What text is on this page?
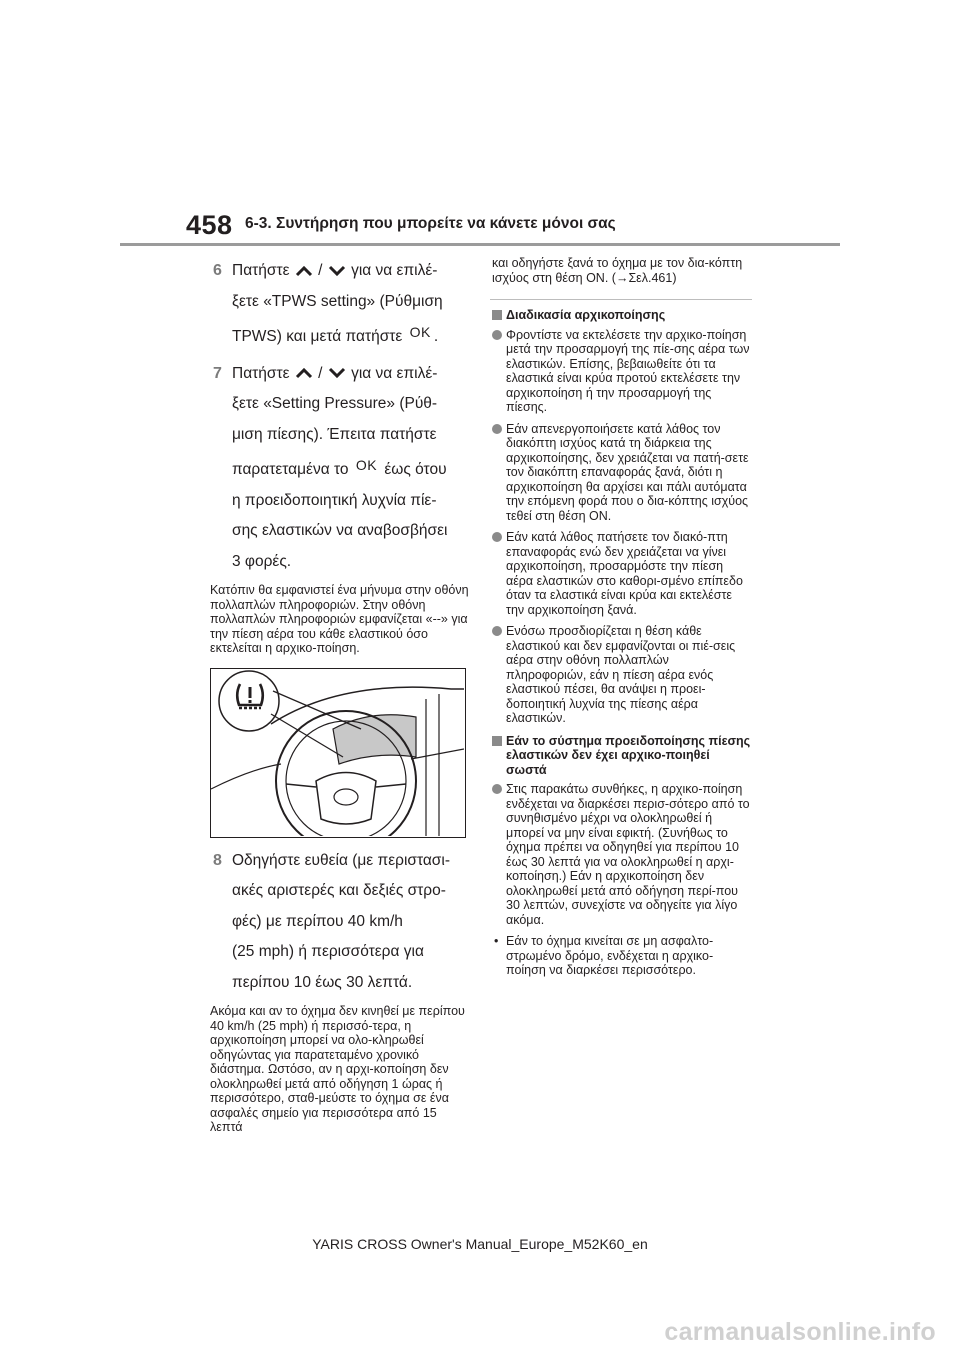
458 6-3. Συντήρηση που μπορείτε να κάνετε μόνοι σας
6 Πατήστε / για να επιλέ-
ξετε «TPWS setting» (Ρύθμιση
TPWS) και μετά πατήστε OK .
7 Πατήστε / για να επιλέ-
ξετε «Setting Pressure» (Ρύθ-
μιση πίεσης). Έπειτα πατήστε
παρατεταμένα το OK έως ότου
η προειδοποιητική λυχνία πίε-
σης ελαστικών να αναβοσβήσει
3 φορές.
Κατόπιν θα εμφανιστεί ένα μήνυμα στην οθόνη πολλαπλών πληροφοριών. Στην οθόνη πολλαπλών πληροφοριών εμφανίζεται «--» για την πίεση αέρα του κάθε ελαστικού όσο εκτελείται η αρχικο-ποίηση.
8 Οδηγήστε ευθεία (με περιστασι-
ακές αριστερές και δεξιές στρο-
φές) με περίπου 40 km/h
(25 mph) ή περισσότερα για
περίπου 10 έως 30 λεπτά.
Ακόμα και αν το όχημα δεν κινηθεί με περίπου 40 km/h (25 mph) ή περισσό-τερα, η αρχικοποίηση μπορεί να ολο-κληρωθεί οδηγώντας για παρατεταμένο χρονικό διάστημα. Ωστόσο, αν η αρχι-κοποίηση δεν ολοκληρωθεί μετά από οδήγηση 1 ώρας ή περισσότερο, σταθ-μεύστε το όχημα σε ένα ασφαλές σημείο για περισσότερα από 15 λεπτά
και οδηγήστε ξανά το όχημα με τον δια-κόπτη ισχύος στη θέση ON. (→Σελ.461)
Διαδικασία αρχικοποίησης
Φροντίστε να εκτελέσετε την αρχικο-ποίηση μετά την προσαρμογή της πίε-σης αέρα των ελαστικών. Επίσης, βεβαιωθείτε ότι τα ελαστικά είναι κρύα προτού εκτελέσετε την αρχικοποίηση ή την προσαρμογή της πίεσης.
Εάν απενεργοποιήσετε κατά λάθος τον διακόπτη ισχύος κατά τη διάρκεια της αρχικοποίησης, δεν χρειάζεται να πατή-σετε τον διακόπτη επαναφοράς ξανά, διότι η αρχικοποίηση θα αρχίσει και πάλι αυτόματα την επόμενη φορά που ο δια-κόπτης ισχύος τεθεί στη θέση ON.
Εάν κατά λάθος πατήσετε τον διακό-πτη επαναφοράς ενώ δεν χρειάζεται να γίνει αρχικοποίηση, προσαρμόστε την πίεση αέρα ελαστικών στο καθορι-σμένο επίπεδο όταν τα ελαστικά είναι κρύα και εκτελέστε την αρχικοποίηση ξανά.
Ενόσω προσδιορίζεται η θέση κάθε ελαστικού και δεν εμφανίζονται οι πιέ-σεις αέρα στην οθόνη πολλαπλών πληροφοριών, εάν η πίεση αέρα ενός ελαστικού πέσει, θα ανάψει η προει-δοποιητική λυχνία της πίεσης αέρα ελαστικών.
Εάν το σύστημα προειδοποίησης πίεσης ελαστικών δεν έχει αρχικο-ποιηθεί σωστά
Στις παρακάτω συνθήκες, η αρχικο-ποίηση ενδέχεται να διαρκέσει περισ-σότερο από το συνηθισμένο μέχρι να ολοκληρωθεί ή μπορεί να μην είναι εφικτή. (Συνήθως το όχημα πρέπει να οδηγηθεί για περίπου 10 έως 30 λεπτά για να ολοκληρωθεί η αρχι-κοποίηση.) Εάν η αρχικοποίηση δεν ολοκληρωθεί μετά από οδήγηση περί-που 30 λεπτών, συνεχίστε να οδηγείτε για λίγο ακόμα.
• Εάν το όχημα κινείται σε μη ασφαλτο-στρωμένο δρόμο, ενδέχεται η αρχικο-ποίηση να διαρκέσει περισσότερο.
YARIS CROSS Owner's Manual_Europe_M52K60_en
carmanualsonline.info
